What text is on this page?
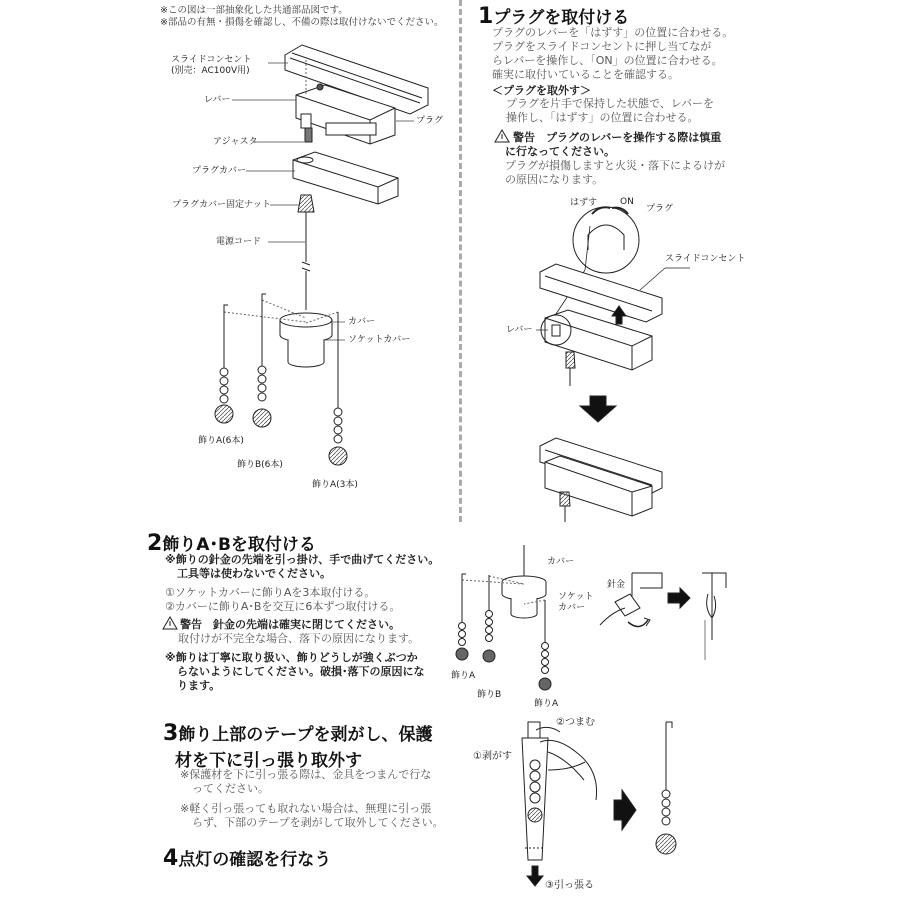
※この図は一部抽象化した共通部品図です。
※部品の有無・損傷を確認し、不備の際は取付けないでください。
スライドコンセント
(別売：AC100V用)
レバー
プラグ
アジャスタ
プラグカバー
プラグカバー固定ナット
電源コード
カバー
ソケットカバー
飾りA(6本)
飾りB(6本)
飾りA(3本)
1プラグを取付ける
プラグのレバーを「はずす」の位置に合わせる。
プラグをスライドコンセントに押し当てなが
らレバーを操作し、「ON」の位置に合わせる。
確実に取付いていることを確認する。
＜プラグを取外す＞
プラグを片手で保持した状態で、レバーを
操作し、「はずす」の位置に合わせる。
警告　プラグのレバーを操作する際は慎重
に行なってください。
プラグが損傷しますと火災・落下によるけが
の原因になります。
はずす	ON
プラグ
スライドコンセント
レバー
2飾りA･Bを取付ける
※飾りの針金の先端を引っ掛け、手で曲げてください。
工具等は使わないでください。
①ソケットカバーに飾りAを3本取付ける。
②カバーに飾りA･Bを交互に6本ずつ取付ける。
警告　針金の先端は確実に閉じてください。
取付けが不完全な場合、落下の原因になります。
※飾りは丁寧に取り扱い、飾りどうしが強くぶつか
らないようにしてください。破損･落下の原因にな
ります。
カバー
ソケット
カバー
針金
飾りA
飾りB
飾りA
3飾り上部のテープを剥がし、保護
材を下に引っ張り取外す
※保護材を下に引っ張る際は、金具をつまんで行な
ってください。
※軽く引っ張っても取れない場合は、無理に引っ張
らず、下部のテープを剥がして取外してください。
①剥がす
②つまむ
③引っ張る
4点灯の確認を行なう
